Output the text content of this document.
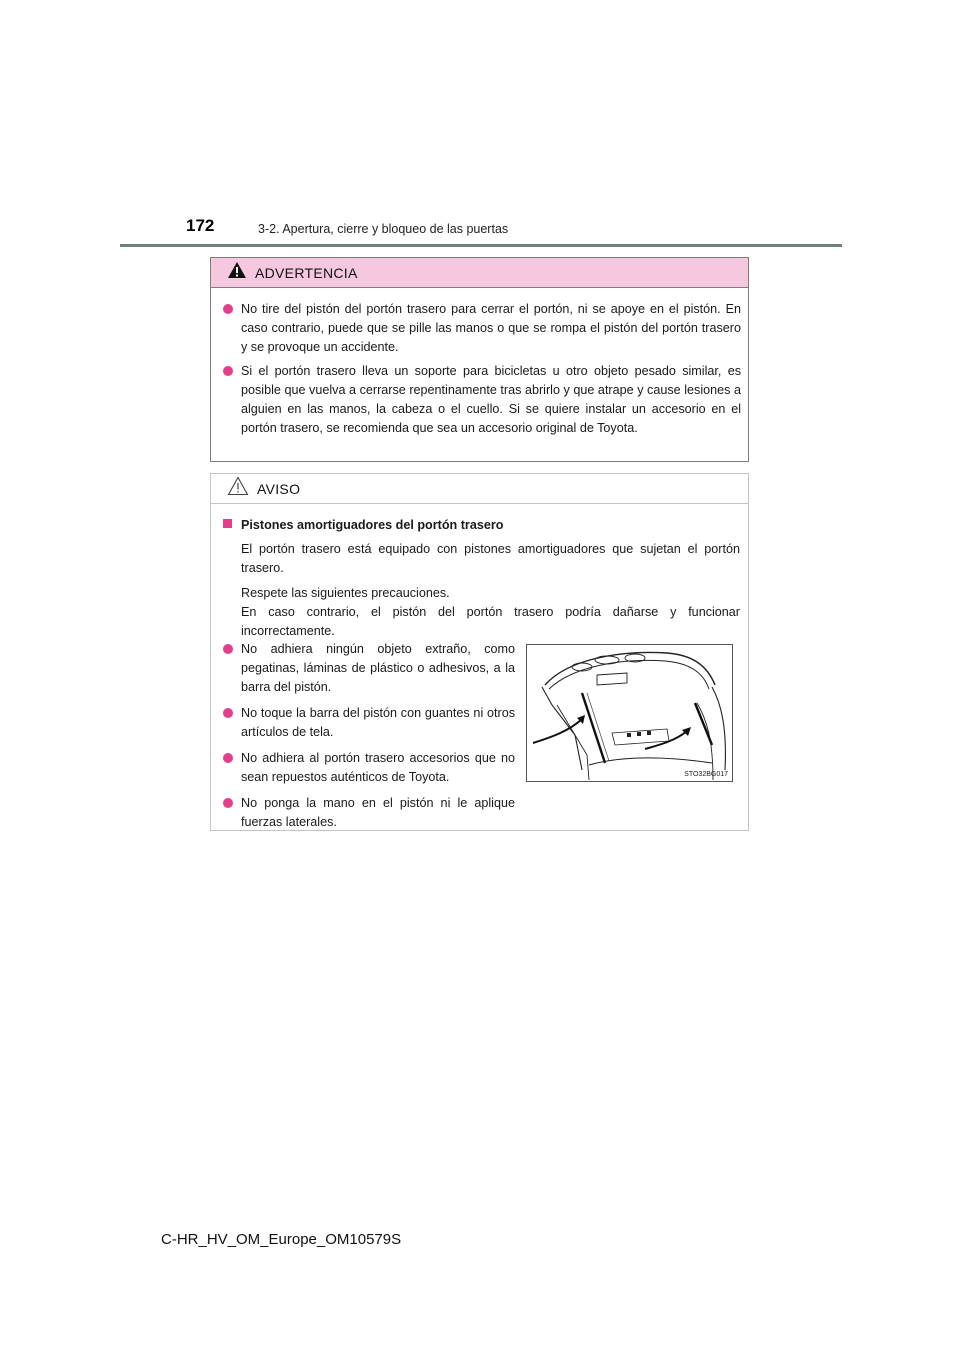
172	3-2. Apertura, cierre y bloqueo de las puertas
ADVERTENCIA
No tire del pistón del portón trasero para cerrar el portón, ni se apoye en el pistón. En caso contrario, puede que se pille las manos o que se rompa el pistón del portón trasero y se provoque un accidente.
Si el portón trasero lleva un soporte para bicicletas u otro objeto pesado similar, es posible que vuelva a cerrarse repentinamente tras abrirlo y que atrape y cause lesiones a alguien en las manos, la cabeza o el cuello. Si se quiere instalar un accesorio en el portón trasero, se recomienda que sea un accesorio original de Toyota.
AVISO
Pistones amortiguadores del portón trasero
El portón trasero está equipado con pistones amortiguadores que sujetan el portón trasero.
Respete las siguientes precauciones.
En caso contrario, el pistón del portón trasero podría dañarse y funcionar incorrectamente.
No adhiera ningún objeto extraño, como pegatinas, láminas de plástico o adhesivos, a la barra del pistón.
No toque la barra del pistón con guantes ni otros artículos de tela.
No adhiera al portón trasero accesorios que no sean repuestos auténticos de Toyota.
No ponga la mano en el pistón ni le aplique fuerzas laterales.
STO32BG017
C-HR_HV_OM_Europe_OM10579S
